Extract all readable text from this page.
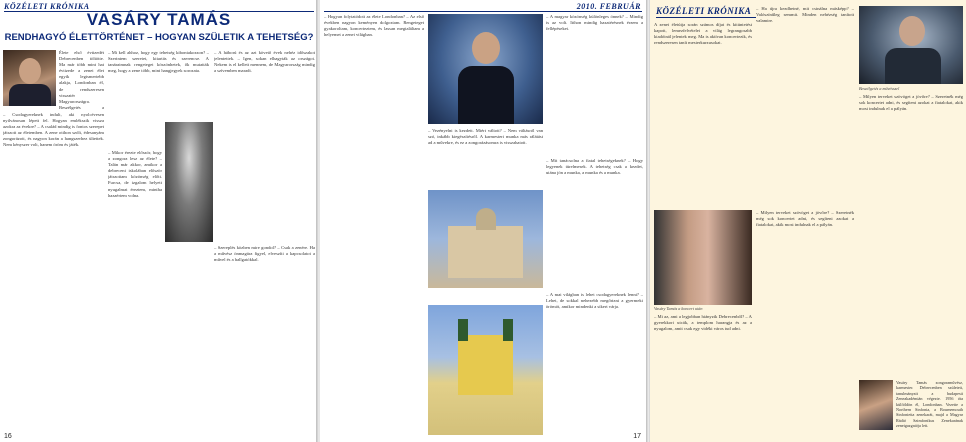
KÖZÉLETI KRÓNIKA
VASÁRY TAMÁS
RENDHAGYÓ ÉLETTÖRTÉNET – HOGYAN SZÜLETIK A TEHETSÉG?
Élete első évtizedét Debrecenben töltötte. Ma már több mint hat évtizede a zenei élet egyik legismertebb alakja, Londonban él, de rendszeresen visszatér Magyarországra. Beszélgetés a
– Csodagyereknek indult, aki nyolcévesen nyilvánosan lépett fel. Hogyan emlékszik vissza azokra az évekre? – A család mindig is fontos szerepet játszott az életemben. A zene otthon szólt, édesanyám zongorázott, és nagyon korán a hangszerhez ültettek. Nem kényszer volt, hanem öröm és játék.
– Mi kell ahhoz, hogy egy tehetség kibontakozzon? – Szerintem szeretet, kitartás és szerencse. A tanáraimnak rengeteget köszönhetek, ők mutatták meg, hogy a zene több, mint hangjegyek sorozata.
– Mikor érezte először, hogy a zongora lesz az élete? – Talán már akkor, amikor a debreceni iskolában először játszottam közönség előtt. Furcsa, de izgalom helyett nyugalmat éreztem, mintha hazaértem volna.
– A háború és az azt követő évek nehéz időszakot jelentettek. – Igen, sokan elhagyták az országot. Nekem is el kellett mennem, de Magyarország mindig a szívemben maradt.
– Szereplés közben mire gondol? – Csak a zenére. Ha a művész önmagára figyel, elveszíti a kapcsolatot a művel és a hallgatókkal.
16
2010. FEBRUÁR
– Hogyan folytatódott az élete Londonban? – Az első években nagyon keményen dolgoztam. Rengeteget gyakoroltam, koncerteztem, és lassan megtaláltam a helyemet a zenei világban.
– Vezényelni is kezdett. Miért váltott? – Nem váltásról van szó, inkább kiegészítésről. A karmesteri munka más rálátást ad a művekre, és ez a zongorázásomra is visszahatott.
– A magyar közönség különleges önnek? – Mindig is az volt. Itthon mindig hazatérésnek érzem a fellépéseket.
– Mit tanácsolna a fiatal tehetségeknek? – Hogy legyenek türelmesek. A tehetség csak a kezdet, utána jön a munka, a munka és a munka.
– A mai világban is lehet csodagyereknek lenni? – Lehet, de sokkal nehezebb megőrizni a gyermeki örömöt, amikor mindenki a sikert várja.
17
KÖZÉLETI KRÓNIKA
A zenei életútja során számos díjat és kitüntetést kapott, lemezfelvételei a világ legrangosabb kiadóinál jelentek meg. Ma is aktívan koncertezik, és rendszeresen tanít mesterkurzusokat.
Vasáry Tamás a koncert után
– Mi az, ami a legjobban hiányzik Debrecenből? – A gyerekkori utcák, a templom harangja és az a nyugalom, amit csak egy vidéki város tud adni.
– Ha újra kezdhetné, mit csinálna másképp? – Valószínűleg semmit. Minden nehézség tanított valamire.
– Milyen terveket szövöget a jövőre? – Szeretnék még sok koncertet adni, és segíteni azokat a fiatalokat, akik most indulnak el a pályán.
Beszélgetés a művésszel
– Milyen terveket szövöget a jövőre? – Szeretnék még sok koncertet adni, és segíteni azokat a fiatalokat, akik most indulnak el a pályán.
Vasáry Tamás zongoraművész, karmester. Debrecenben született, tanulmányait a budapesti Zeneakadémián végezte. 1956 óta külföldön él, Londonban. Vezette a Northern Sinfonia, a Bournemouth Sinfonietta zenekarát, majd a Magyar Rádió Szimfonikus Zenekarának zeneigazgatója lett.
